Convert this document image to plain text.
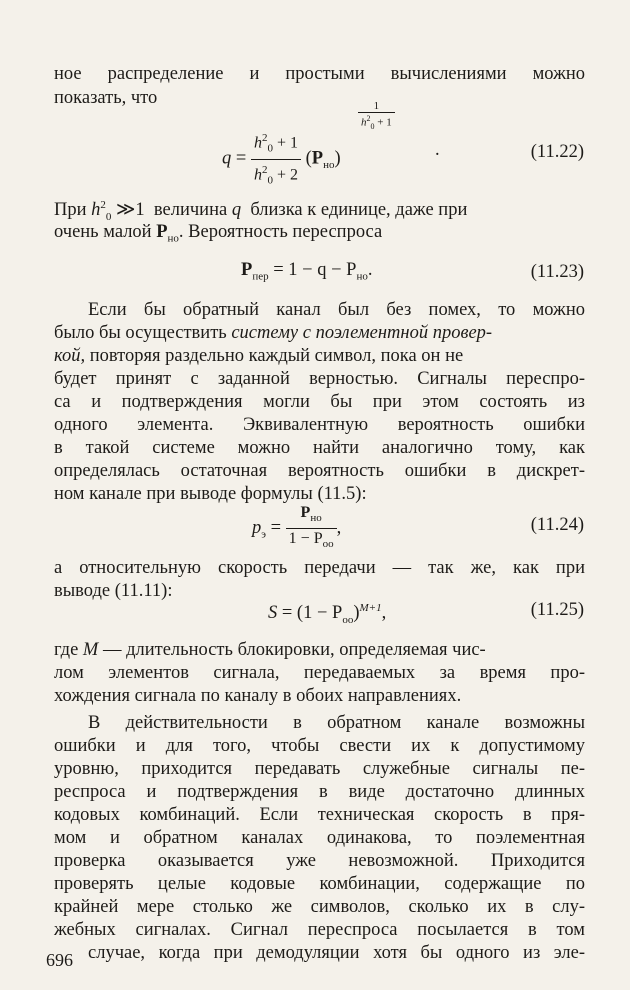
ное распределение и простыми вычислениями можно
показать, что
$q = \frac{h^2_0 + 1}{h^2_0 + 2} (P_{но})$
$\frac{1}{h^2_0 + 1}$
.	(11.22)
При $h^2_0$ ≫1 величина q близка к единице, даже при
очень малой $P_{но}$. Вероятность переспроса
$P_{пер} = 1 - q - P_{но}$.	(11.23)
Если бы обратный канал был без помех, то можно
было бы осуществить систему с поэлементной провер-
кой, повторяя раздельно каждый символ, пока он не
будет принят с заданной верностью. Сигналы переспро-
са и подтверждения могли бы при этом состоять из
одного элемента. Эквивалентную вероятность ошибки
в такой системе можно найти аналогично тому, как
определялась остаточная вероятность ошибки в дискрет-
ном канале при выводе формулы (11.5):
$p_э = \frac{P_{но}}{1 - P_{оо}}$ ,	(11.24)
а относительную скорость передачи — так же, как при
выводе (11.11):
$S = (1 - P_{оо})^{M+1}$,	(11.25)
где M — длительность блокировки, определяемая чис-
лом элементов сигнала, передаваемых за время про-
хождения сигнала по каналу в обоих направлениях.
В действительности в обратном канале возможны
ошибки и для того, чтобы свести их к допустимому
уровню, приходится передавать служебные сигналы пе-
респроса и подтверждения в виде достаточно длинных
кодовых комбинаций. Если техническая скорость в пря-
мом и обратном каналах одинакова, то поэлементная
проверка оказывается уже невозможной. Приходится
проверять целые кодовые комбинации, содержащие по
крайней мере столько же символов, сколько их в слу-
жебных сигналах. Сигнал переспроса посылается в том
случае, когда при демодуляции хотя бы одного из эле-
696
